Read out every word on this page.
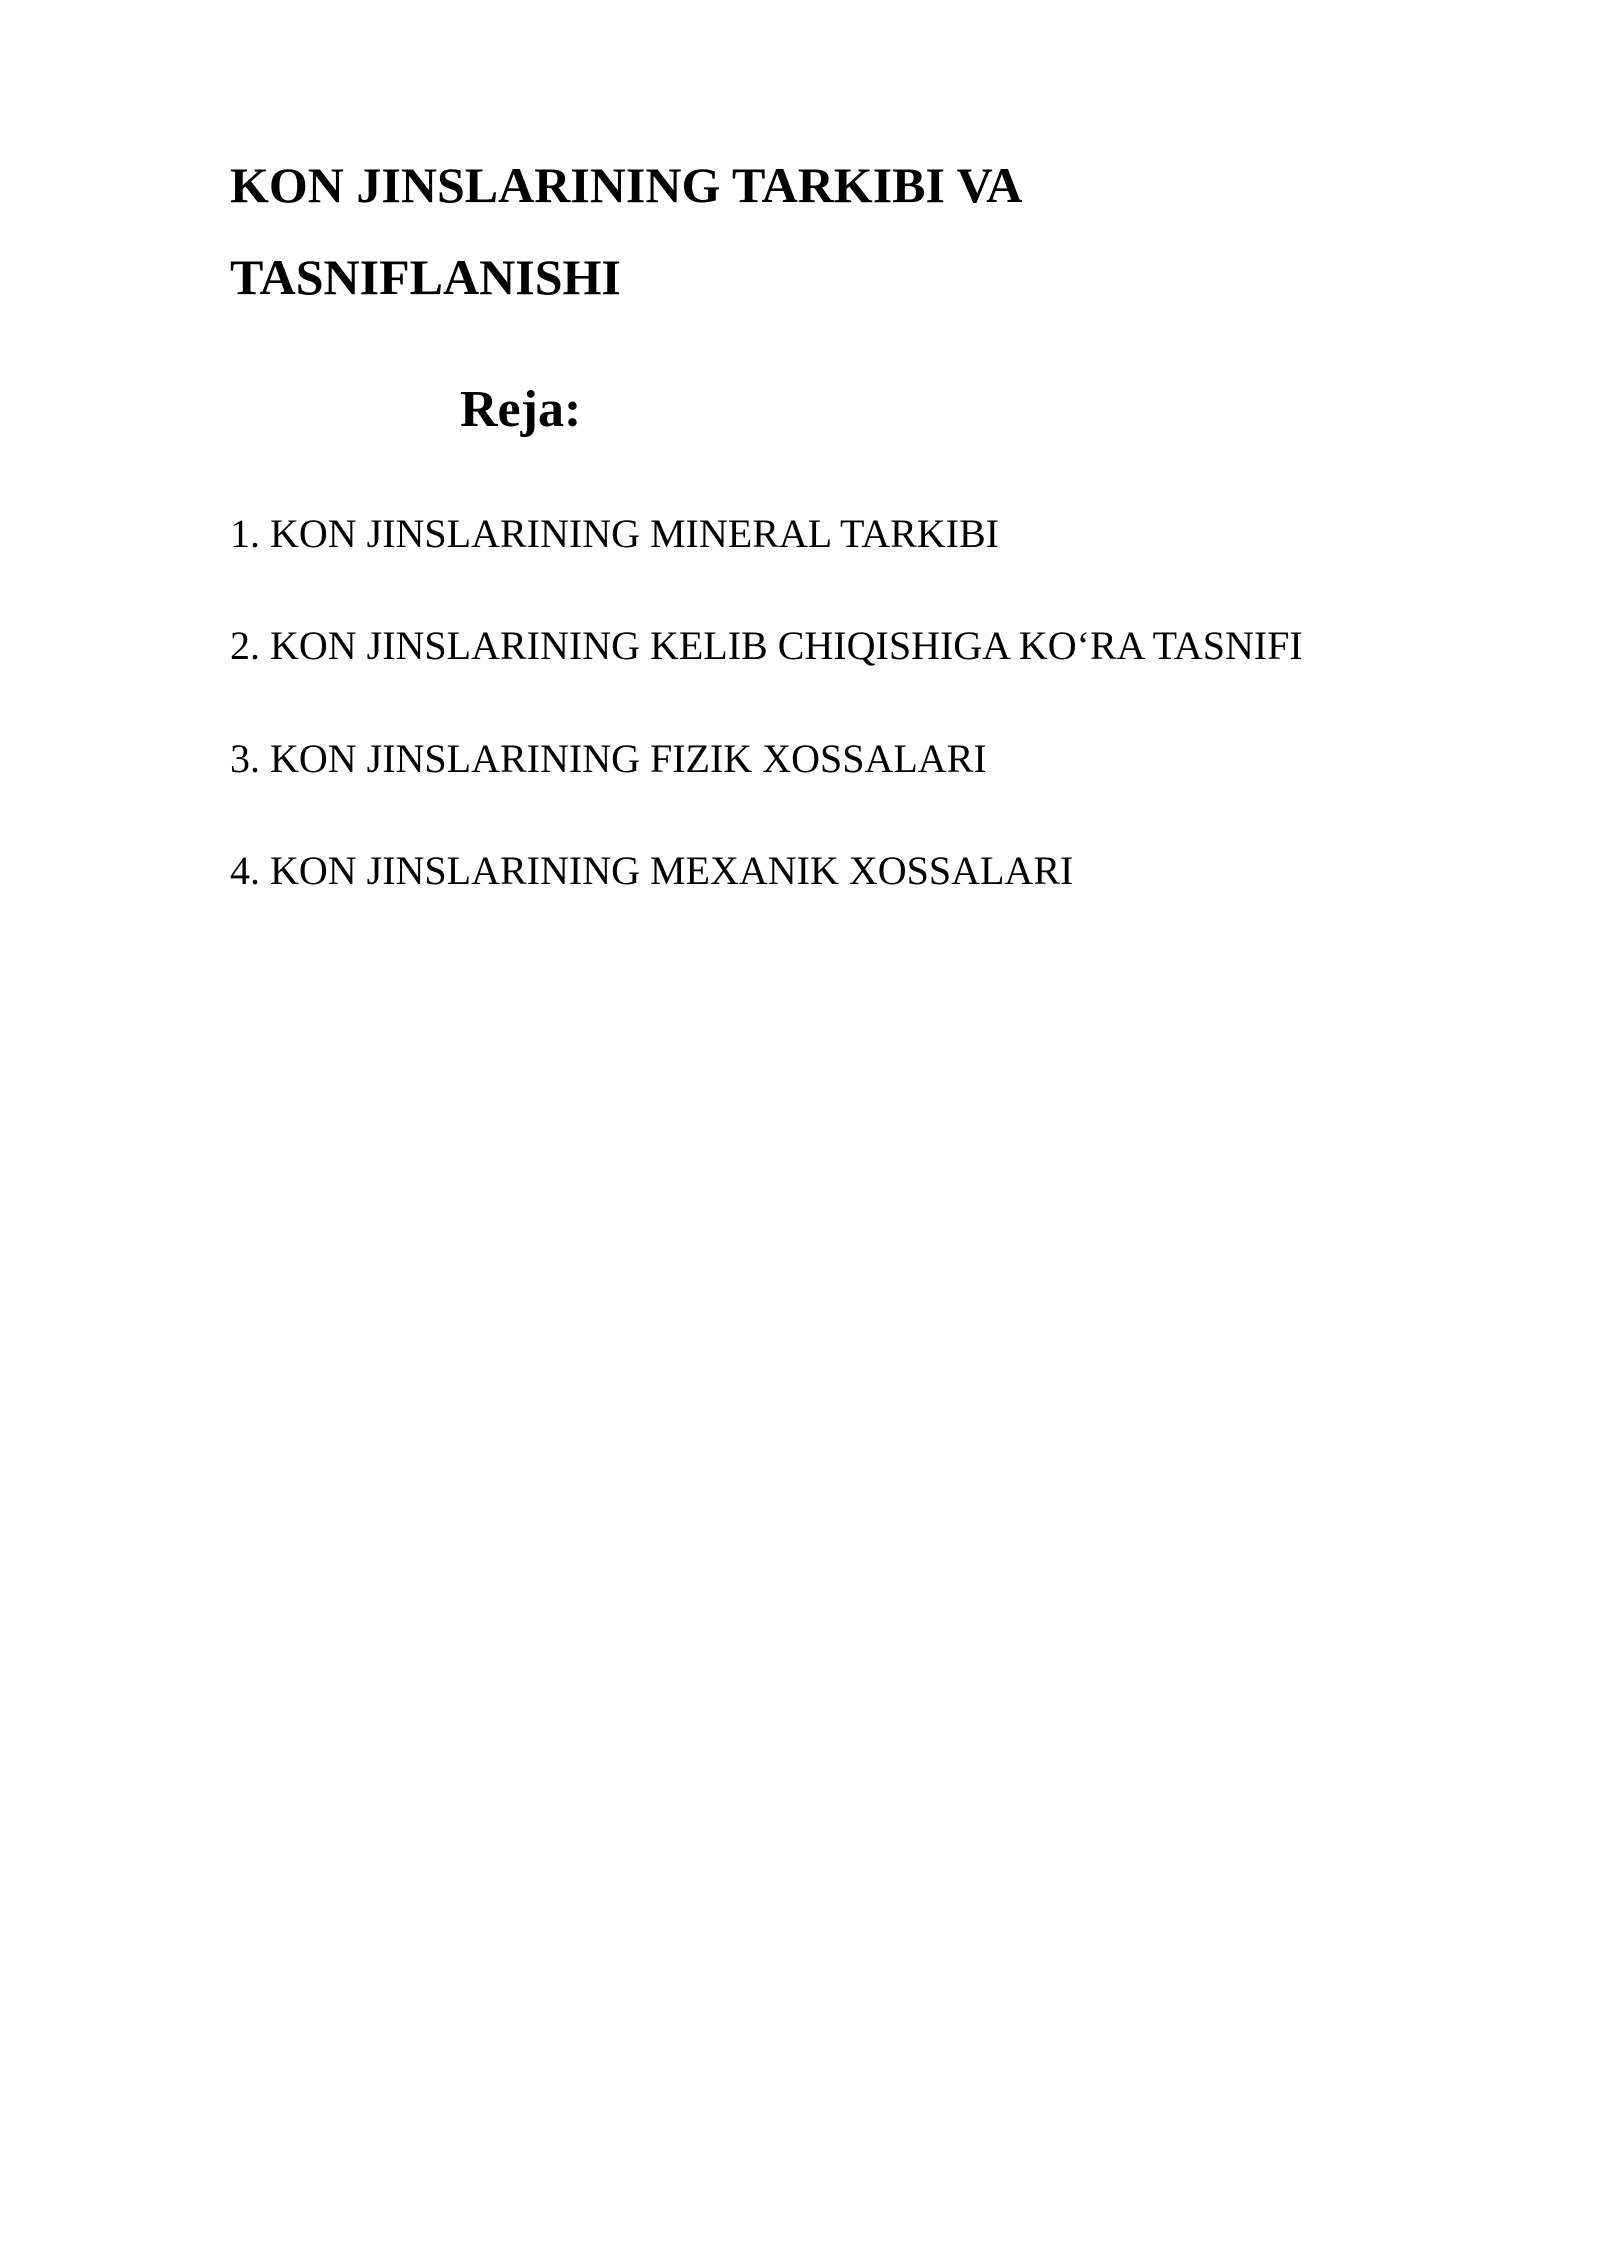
KON JINSLARINING TARKIBI VA
TASNIFLANISHI
Reja:
1. KON JINSLARINING MINERAL TARKIBI
2. KON JINSLARINING KELIB CHIQISHIGA KO‘RA TASNIFI
3. KON JINSLARINING FIZIK XOSSALARI
4. KON JINSLARINING MEXANIK XOSSALARI
